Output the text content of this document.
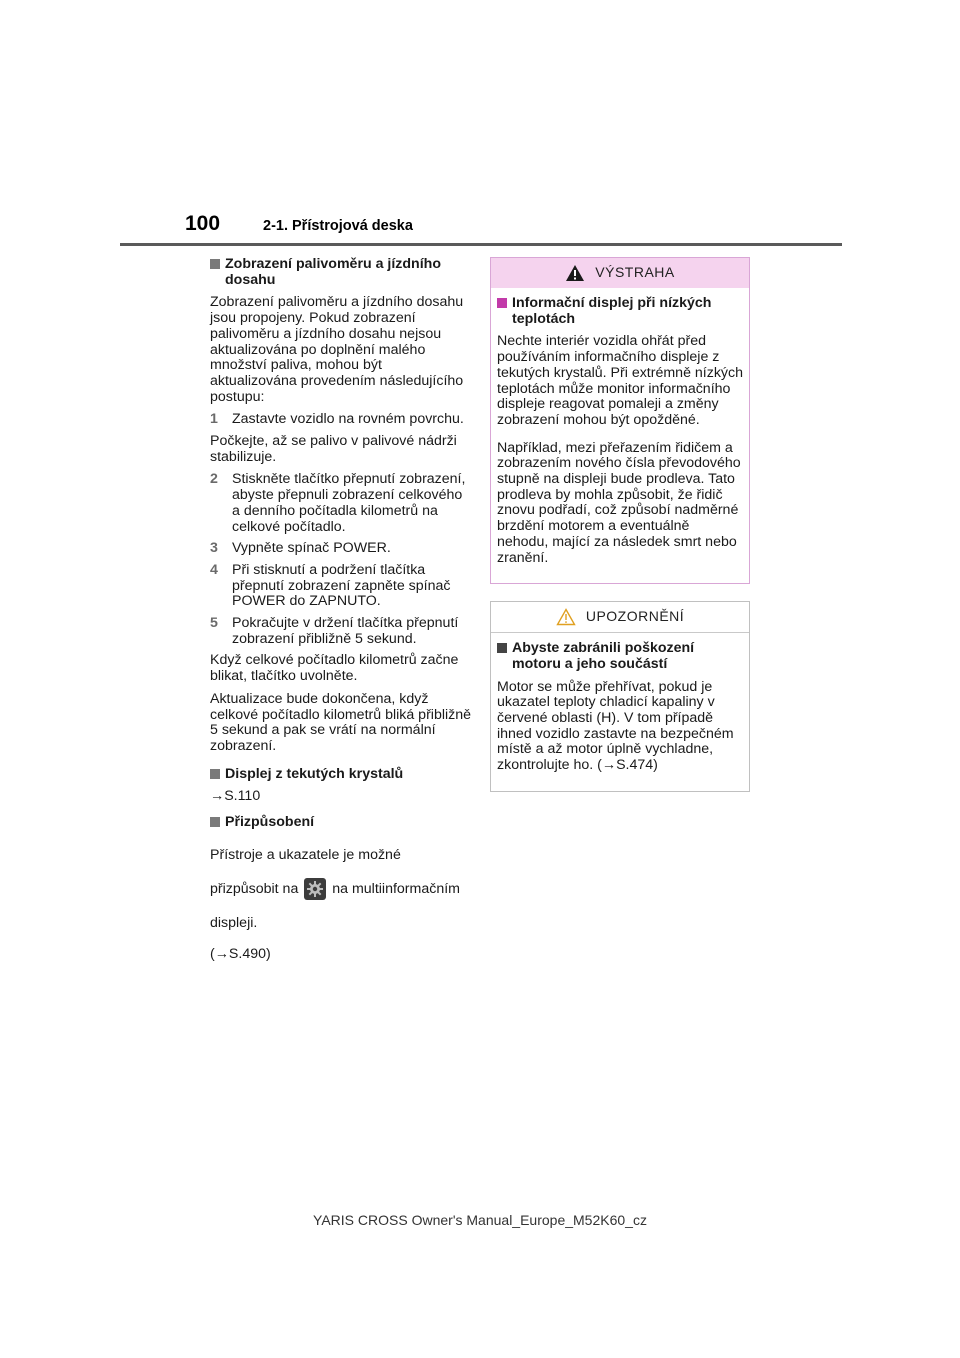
100	2-1. Přístrojová deska
Zobrazení palivoměru a jízdního dosahu

Zobrazení palivoměru a jízdního dosahu jsou propojeny. Pokud zobrazení palivoměru a jízdního dosahu nejsou aktualizována po doplnění malého množství paliva, mohou být aktualizována provedením následujícího postupu:

1 Zastavte vozidlo na rovném povrchu.

Počkejte, až se palivo v palivové nádrži stabilizuje.

2 Stiskněte tlačítko přepnutí zobrazení, abyste přepnuli zobrazení celkového a denního počítadla kilometrů na celkové počítadlo.
3 Vypněte spínač POWER.
4 Při stisknutí a podržení tlačítka přepnutí zobrazení zapněte spínač POWER do ZAPNUTO.
5 Pokračujte v držení tlačítka přepnutí zobrazení přibližně 5 sekund.

Když celkové počítadlo kilometrů začne blikat, tlačítko uvolněte.

Aktualizace bude dokončena, když celkové počítadlo kilometrů bliká přibližně 5 sekund a pak se vrátí na normální zobrazení.

Displej z tekutých krystalů

→S.110

Přizpůsobení

Přístroje a ukazatele je možné přizpůsobit na na multiinformačním displeji.

(→S.490)

VÝSTRAHA
Informační displej při nízkých teplotách

Nechte interiér vozidla ohřát před používáním informačního displeje z tekutých krystalů. Při extrémně nízkých teplotách může monitor informačního displeje reagovat pomaleji a změny zobrazení mohou být opožděné.

Například, mezi přeřazením řidičem a zobrazením nového čísla převodového stupně na displeji bude prodleva. Tato prodleva by mohla způsobit, že řidič znovu podřadí, což způsobí nadměrné brzdění motorem a eventuálně nehodu, mající za následek smrt nebo zranění.

UPOZORNĚNÍ
Abyste zabránili poškození motoru a jeho součástí

Motor se může přehřívat, pokud je ukazatel teploty chladicí kapaliny v červené oblasti (H). V tom případě ihned vozidlo zastavte na bezpečném místě a až motor úplně vychladne, zkontrolujte ho. (→S.474)

YARIS CROSS Owner's Manual_Europe_M52K60_cz
